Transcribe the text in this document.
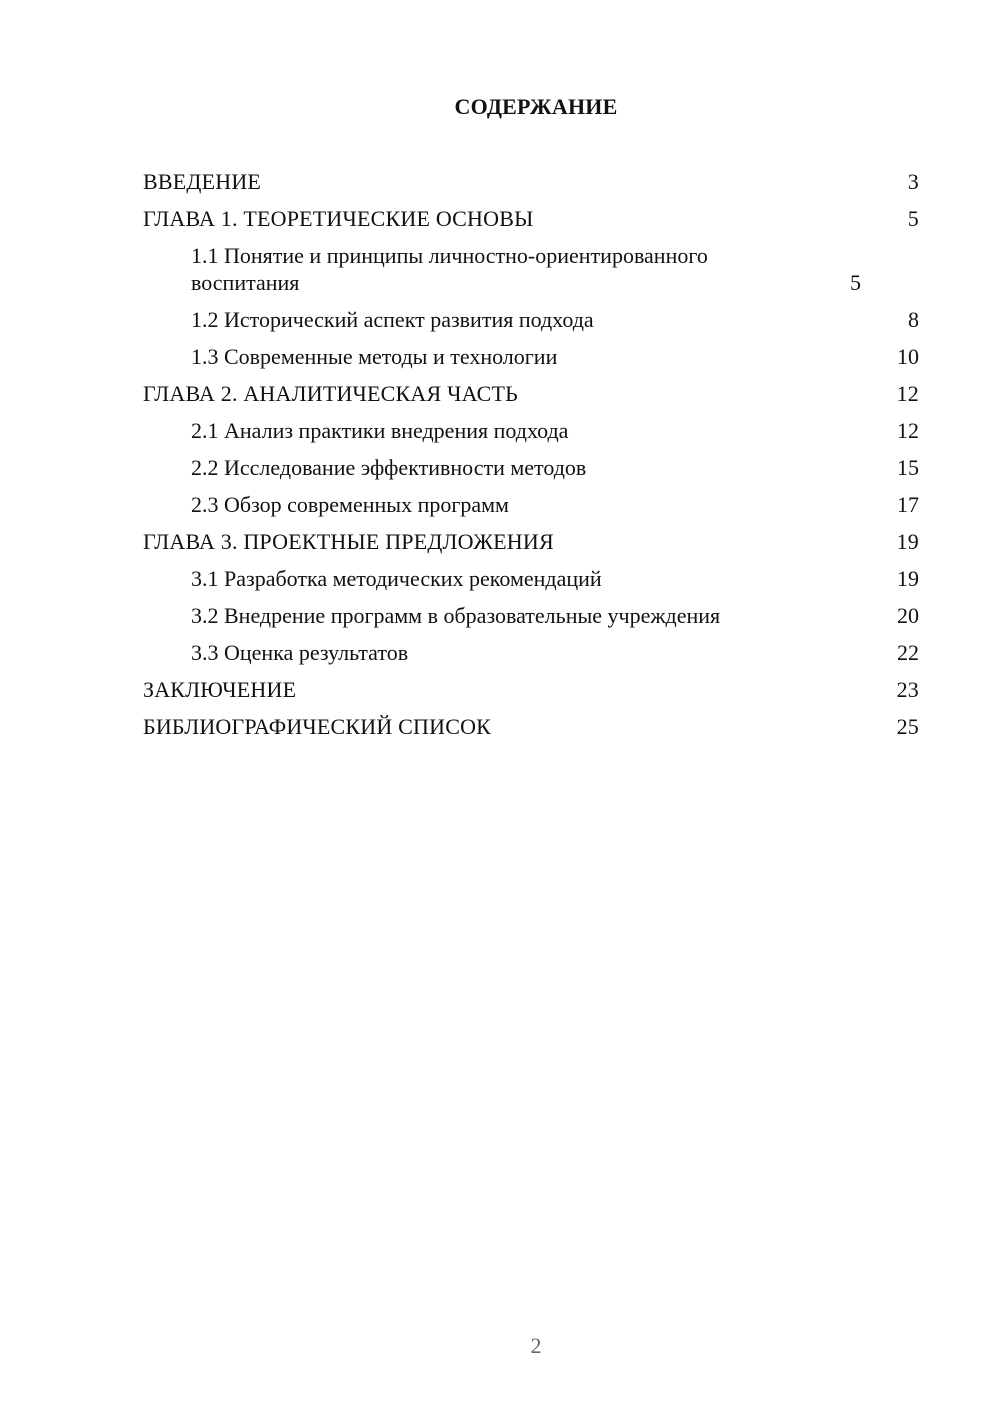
СОДЕРЖАНИЕ
ВВЕДЕНИЕ	3
ГЛАВА 1. ТЕОРЕТИЧЕСКИЕ ОСНОВЫ	5
1.1 Понятие и принципы личностно-ориентированного воспитания	5
1.2 Исторический аспект развития подхода	8
1.3 Современные методы и технологии	10
ГЛАВА 2. АНАЛИТИЧЕСКАЯ ЧАСТЬ	12
2.1 Анализ практики внедрения подхода	12
2.2 Исследование эффективности методов	15
2.3 Обзор современных программ	17
ГЛАВА 3. ПРОЕКТНЫЕ ПРЕДЛОЖЕНИЯ	19
3.1 Разработка методических рекомендаций	19
3.2 Внедрение программ в образовательные учреждения	20
3.3 Оценка результатов	22
ЗАКЛЮЧЕНИЕ	23
БИБЛИОГРАФИЧЕСКИЙ СПИСОК	25
2
